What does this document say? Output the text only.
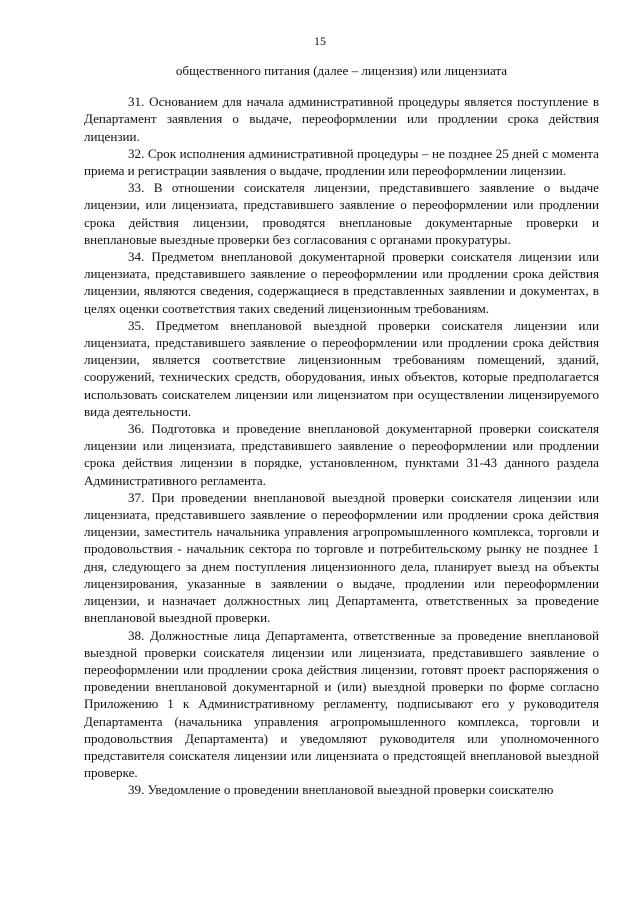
15

общественного питания (далее – лицензия) или лицензиата

31. Основанием для начала административной процедуры является поступление в Департамент заявления о выдаче, переоформлении или продлении срока действия лицензии.

32. Срок исполнения административной процедуры – не позднее 25 дней с момента приема и регистрации заявления о выдаче, продлении или переоформлении лицензии.

33. В отношении соискателя лицензии, представившего заявление о выдаче лицензии, или лицензиата, представившего заявление о переоформлении или продлении срока действия лицензии, проводятся внеплановые документарные проверки и внеплановые выездные проверки без согласования с органами прокуратуры.

34. Предметом внеплановой документарной проверки соискателя лицензии или лицензиата, представившего заявление о переоформлении или продлении срока действия лицензии, являются сведения, содержащиеся в представленных заявлении и документах, в целях оценки соответствия таких сведений лицензионным требованиям.

35. Предметом внеплановой выездной проверки соискателя лицензии или лицензиата, представившего заявление о переоформлении или продлении срока действия лицензии, является соответствие лицензионным требованиям помещений, зданий, сооружений, технических средств, оборудования, иных объектов, которые предполагается использовать соискателем лицензии или лицензиатом при осуществлении лицензируемого вида деятельности.

36. Подготовка и проведение внеплановой документарной проверки соискателя лицензии или лицензиата, представившего заявление о переоформлении или продлении срока действия лицензии в порядке, установленном, пунктами 31-43 данного раздела Административного регламента.

37. При проведении внеплановой выездной проверки соискателя лицензии или лицензиата, представившего заявление о переоформлении или продлении срока действия лицензии, заместитель начальника управления агропромышленного комплекса, торговли и продовольствия - начальник сектора по торговле и потребительскому рынку не позднее 1 дня, следующего за днем поступления лицензионного дела, планирует выезд на объекты лицензирования, указанные в заявлении о выдаче, продлении или переоформлении лицензии, и назначает должностных лиц Департамента, ответственных за проведение внеплановой выездной проверки.

38. Должностные лица Департамента, ответственные за проведение внеплановой выездной проверки соискателя лицензии или лицензиата, представившего заявление о переоформлении или продлении срока действия лицензии, готовят проект распоряжения о проведении внеплановой документарной и (или) выездной проверки по форме согласно Приложению 1 к Административному регламенту, подписывают его у руководителя Департамента (начальника управления агропромышленного комплекса, торговли и продовольствия Департамента) и уведомляют руководителя или уполномоченного представителя соискателя лицензии или лицензиата о предстоящей внеплановой выездной проверке.

39. Уведомление о проведении внеплановой выездной проверки соискателю
